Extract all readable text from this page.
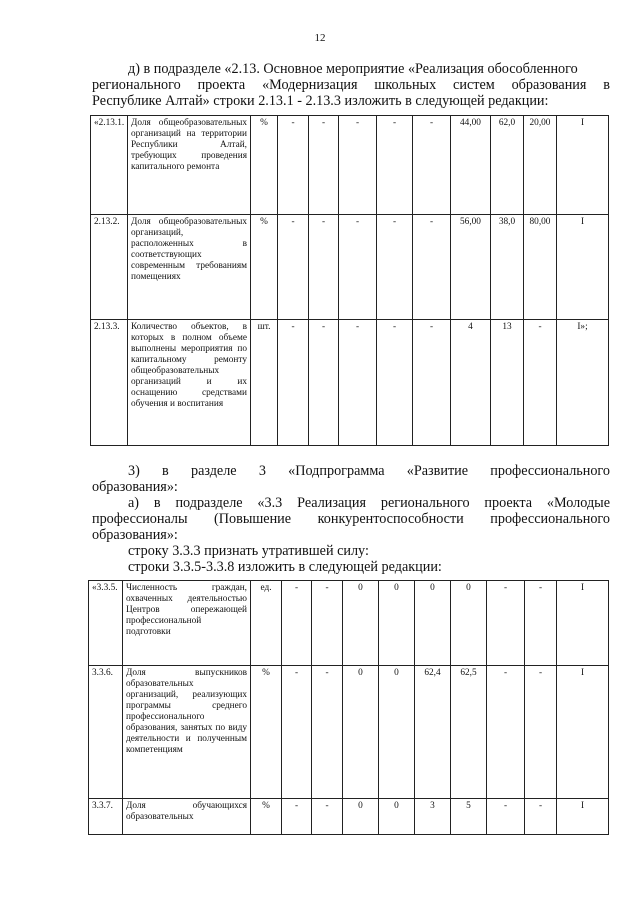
12
д) в подразделе «2.13. Основное мероприятие «Реализация обособленного
регионального проекта «Модернизация школьных систем образования в
Республике Алтай» строки 2.13.1 - 2.13.3 изложить в следующей редакции:
«2.13.1.	Доля общеобразовательных организаций на территории Республики Алтай, требующих проведения капитального ремонта	%	-	-	-	-	-	44,00	62,0	20,00	I
2.13.2.	Доля общеобразовательных организаций, расположенных в соответствующих современным требованиям помещениях	%	-	-	-	-	-	56,00	38,0	80,00	I
2.13.3.	Количество объектов, в которых в полном объеме выполнены мероприятия по капитальному ремонту общеобразовательных организаций и их оснащению средствами обучения и воспитания	шт.	-	-	-	-	-	4	13	-	I»;
3) в разделе 3 «Подпрограмма «Развитие профессионального
образования»:
а) в подразделе «3.3 Реализация регионального проекта «Молодые
профессионалы (Повышение конкурентоспособности профессионального
образования»:
строку 3.3.3 признать утратившей силу:
строки 3.3.5-3.3.8 изложить в следующей редакции:
«3.3.5.	Численность граждан, охваченных деятельностью Центров опережающей профессиональной подготовки	ед.	-	-	0	0	0	0	-	-	I
3.3.6.	Доля выпускников образовательных организаций, реализующих программы среднего профессионального образования, занятых по виду деятельности и полученным компетенциям	%	-	-	0	0	62,4	62,5	-	-	I
3.3.7.	Доля обучающихся образовательных	%	-	-	0	0	3	5	-	-	I
